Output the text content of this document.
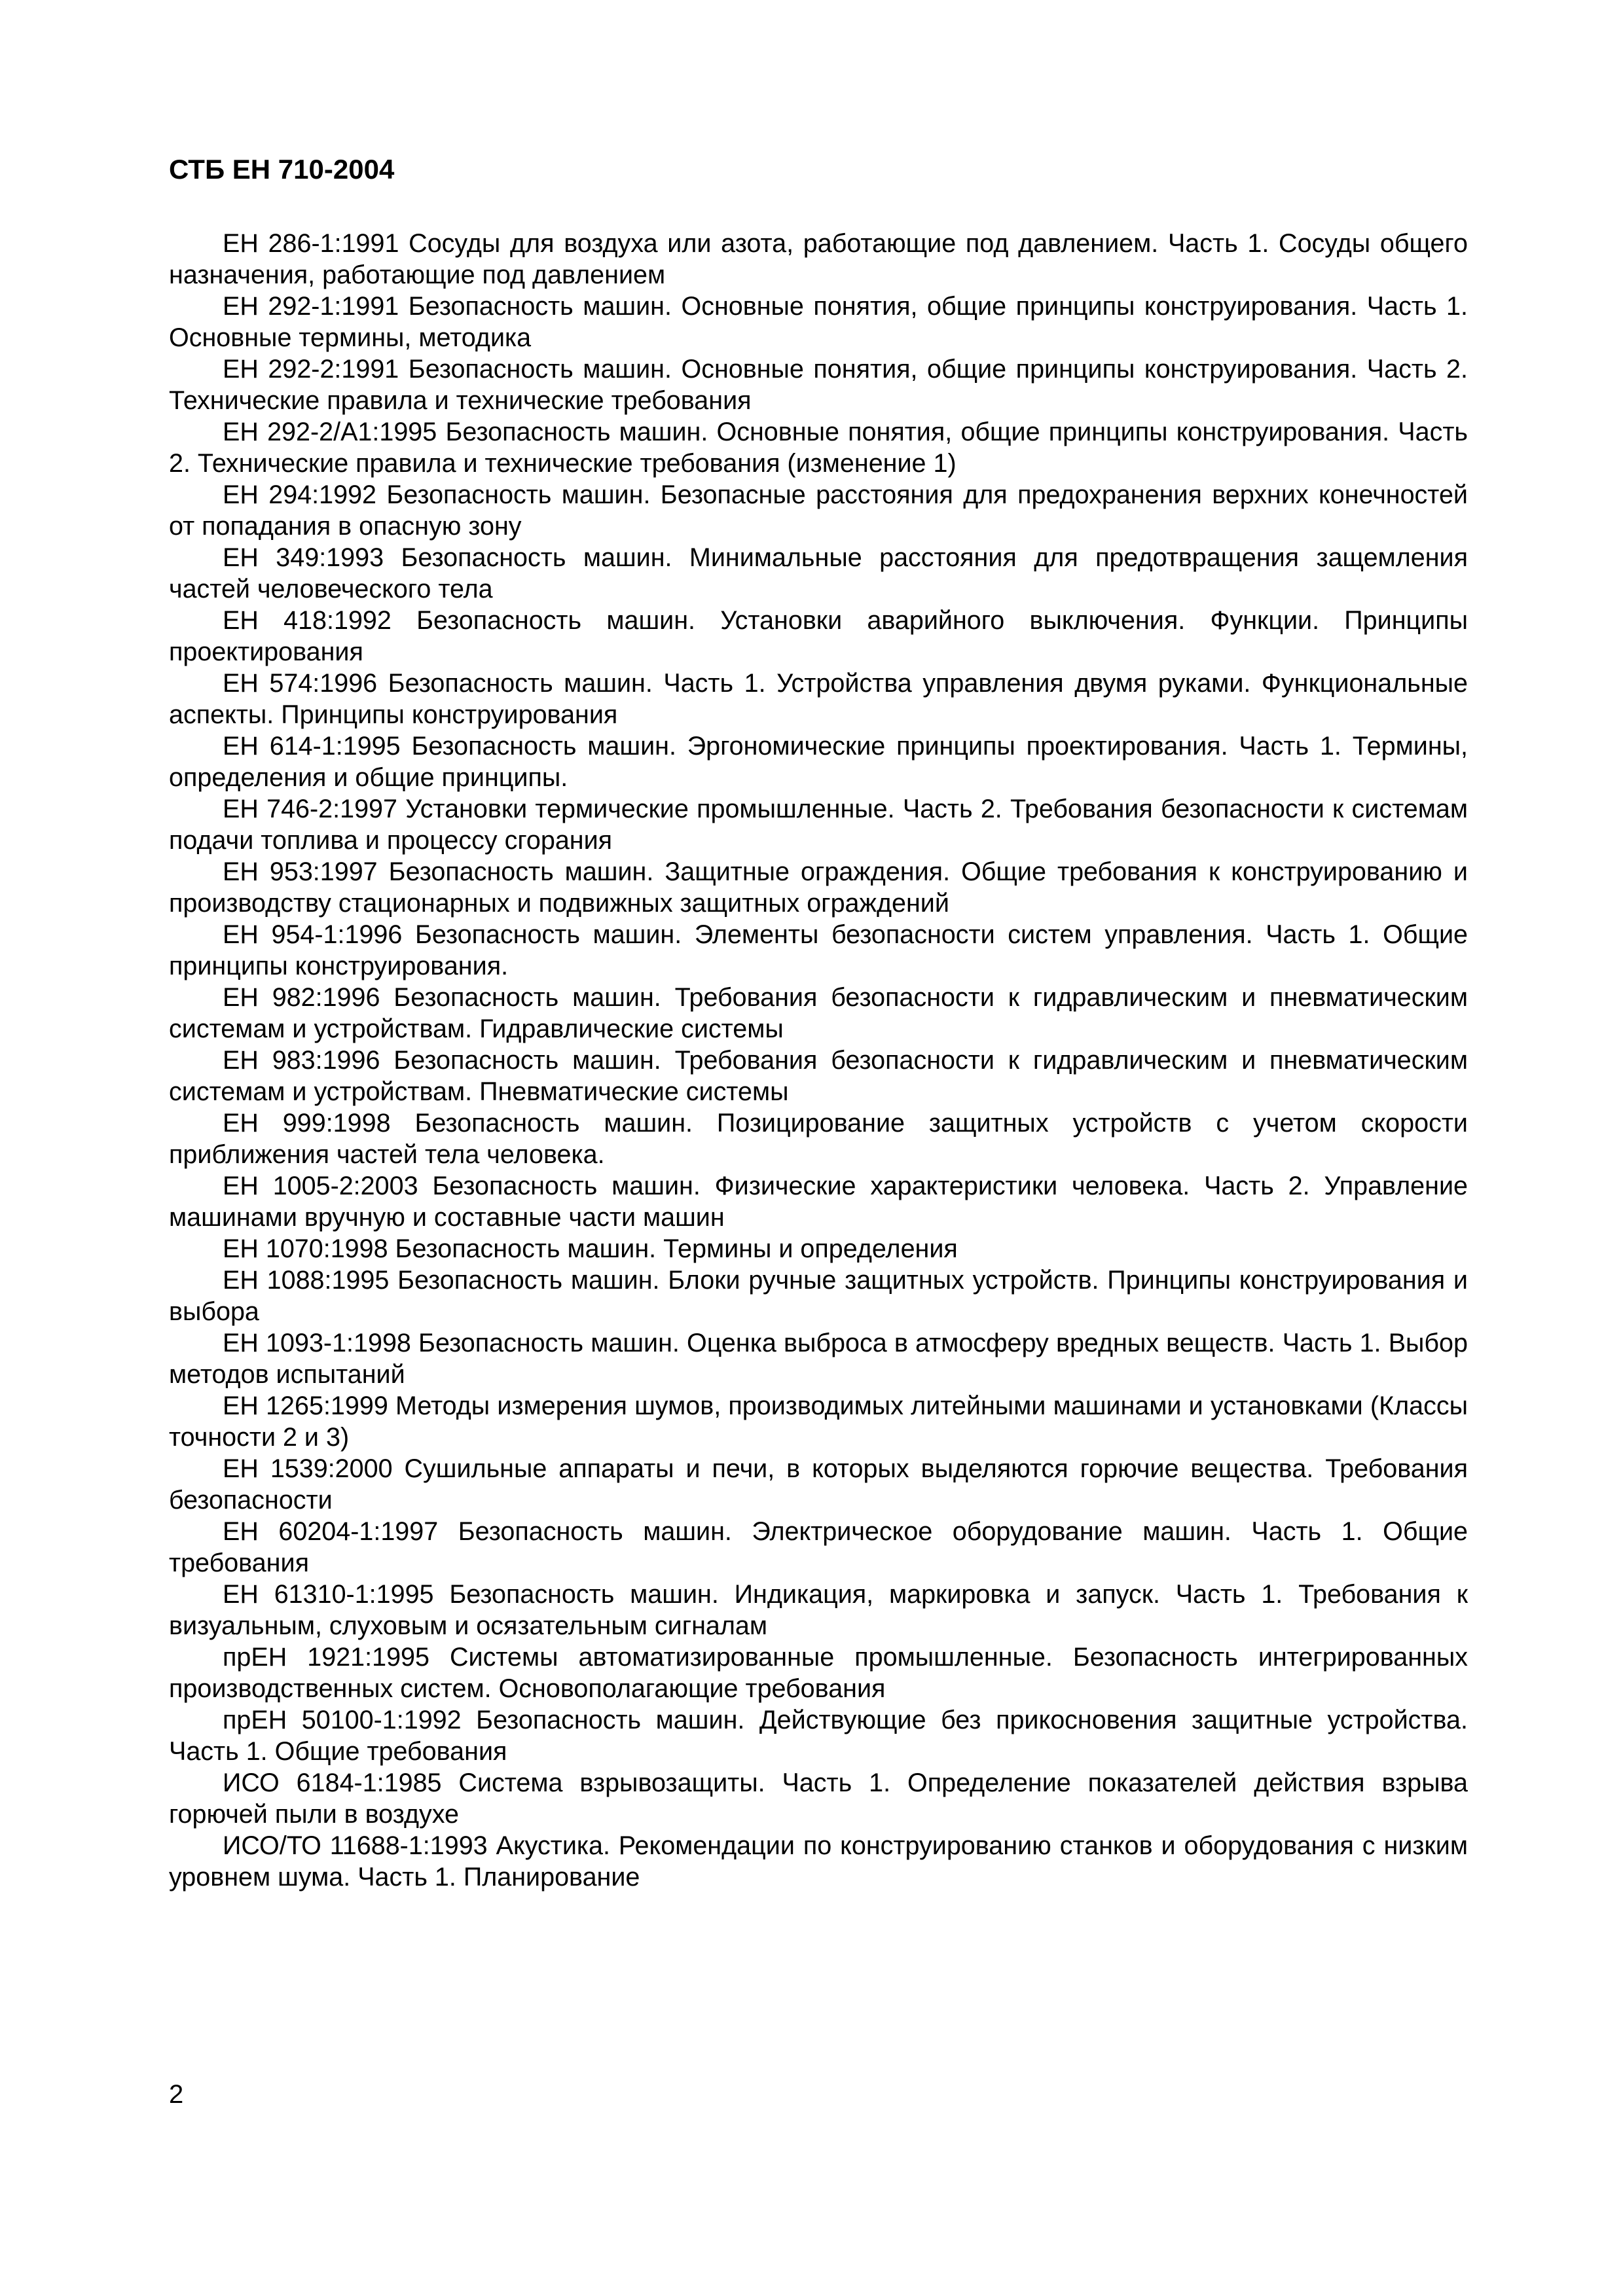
СТБ ЕН 710-2004
ЕН 286-1:1991 Сосуды для воздуха или азота, работающие под давлением. Часть 1. Сосуды общего назначения, работающие под давлением
ЕН 292-1:1991 Безопасность машин. Основные понятия, общие принципы конструирования. Часть 1. Основные термины, методика
ЕН 292-2:1991 Безопасность машин. Основные понятия, общие принципы конструирования. Часть 2. Технические правила и технические требования
ЕН 292-2/А1:1995 Безопасность машин. Основные понятия, общие принципы конструирования. Часть 2. Технические правила и технические требования (изменение 1)
ЕН 294:1992 Безопасность машин. Безопасные расстояния для предохранения верхних конечностей от попадания в опасную зону
ЕН 349:1993 Безопасность машин. Минимальные расстояния для предотвращения защемления частей человеческого тела
ЕН 418:1992 Безопасность машин. Установки аварийного выключения. Функции. Принципы проектирования
ЕН 574:1996 Безопасность машин. Часть 1. Устройства управления двумя руками. Функциональные аспекты. Принципы конструирования
ЕН 614-1:1995 Безопасность машин. Эргономические принципы проектирования. Часть 1. Термины, определения и общие принципы.
ЕН 746-2:1997 Установки термические промышленные. Часть 2. Требования безопасности к системам подачи топлива и процессу сгорания
ЕН 953:1997 Безопасность машин. Защитные ограждения. Общие требования к конструированию и производству стационарных и подвижных защитных ограждений
ЕН 954-1:1996 Безопасность машин. Элементы безопасности систем управления. Часть 1. Общие принципы конструирования.
ЕН 982:1996 Безопасность машин. Требования безопасности к гидравлическим и пневматическим системам и устройствам. Гидравлические системы
ЕН 983:1996 Безопасность машин. Требования безопасности к гидравлическим и пневматическим системам и устройствам. Пневматические системы
ЕН 999:1998 Безопасность машин. Позицирование защитных устройств с учетом скорости приближения частей тела человека.
ЕН 1005-2:2003 Безопасность машин. Физические характеристики человека. Часть 2. Управление машинами вручную и составные части машин
ЕН 1070:1998 Безопасность машин. Термины и определения
ЕН 1088:1995 Безопасность машин. Блоки ручные защитных устройств. Принципы конструирования и выбора
ЕН 1093-1:1998 Безопасность машин. Оценка выброса в атмосферу вредных веществ. Часть 1. Выбор методов испытаний
ЕН 1265:1999 Методы измерения шумов, производимых литейными машинами и установками (Классы точности 2 и 3)
ЕН 1539:2000 Сушильные аппараты и печи, в которых выделяются горючие вещества. Требования безопасности
ЕН 60204-1:1997 Безопасность машин. Электрическое оборудование машин. Часть 1. Общие требования
ЕН 61310-1:1995 Безопасность машин. Индикация, маркировка и запуск. Часть 1. Требования к визуальным, слуховым и осязательным сигналам
прЕН 1921:1995 Системы автоматизированные промышленные. Безопасность интегрированных производственных систем. Основополагающие требования
прЕН 50100-1:1992 Безопасность машин. Действующие без прикосновения защитные устройства. Часть 1. Общие требования
ИСО 6184-1:1985 Система взрывозащиты. Часть 1. Определение показателей действия взрыва горючей пыли в воздухе
ИСО/ТО 11688-1:1993 Акустика. Рекомендации по конструированию станков и оборудования с низким уровнем шума. Часть 1. Планирование
2
